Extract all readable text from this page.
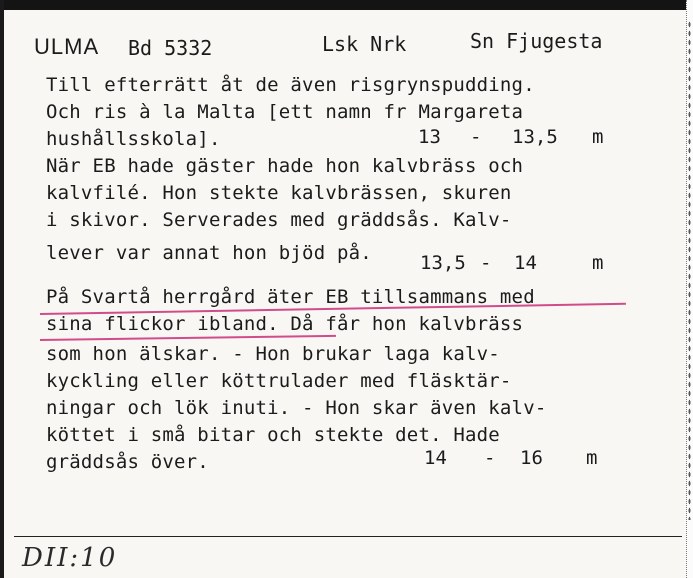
ULMA Bd 5332	Lsk Nrk	Sn Fjugesta
Till efterrätt åt de även risgrynspudding.
Och ris à la Malta [ett namn fr Margareta
hushållsskola].	13 - 13,5 m
När EB hade gäster hade hon kalvbräss och
kalvfilé. Hon stekte kalvbrässen, skuren
i skivor. Serverades med gräddsås. Kalv-
lever var annat hon bjöd på.	13,5 - 14	m
På Svartå herrgård äter EB tillsammans med
sina flickor ibland. Då får hon kalvbräss
som hon älskar. - Hon brukar laga kalv-
kyckling eller köttrulader med fläsktär-
ningar och lök inuti. - Hon skar även kalv-
köttet i små bitar och stekte det. Hade
gräddsås över.	14 - 16 m
DII:10
